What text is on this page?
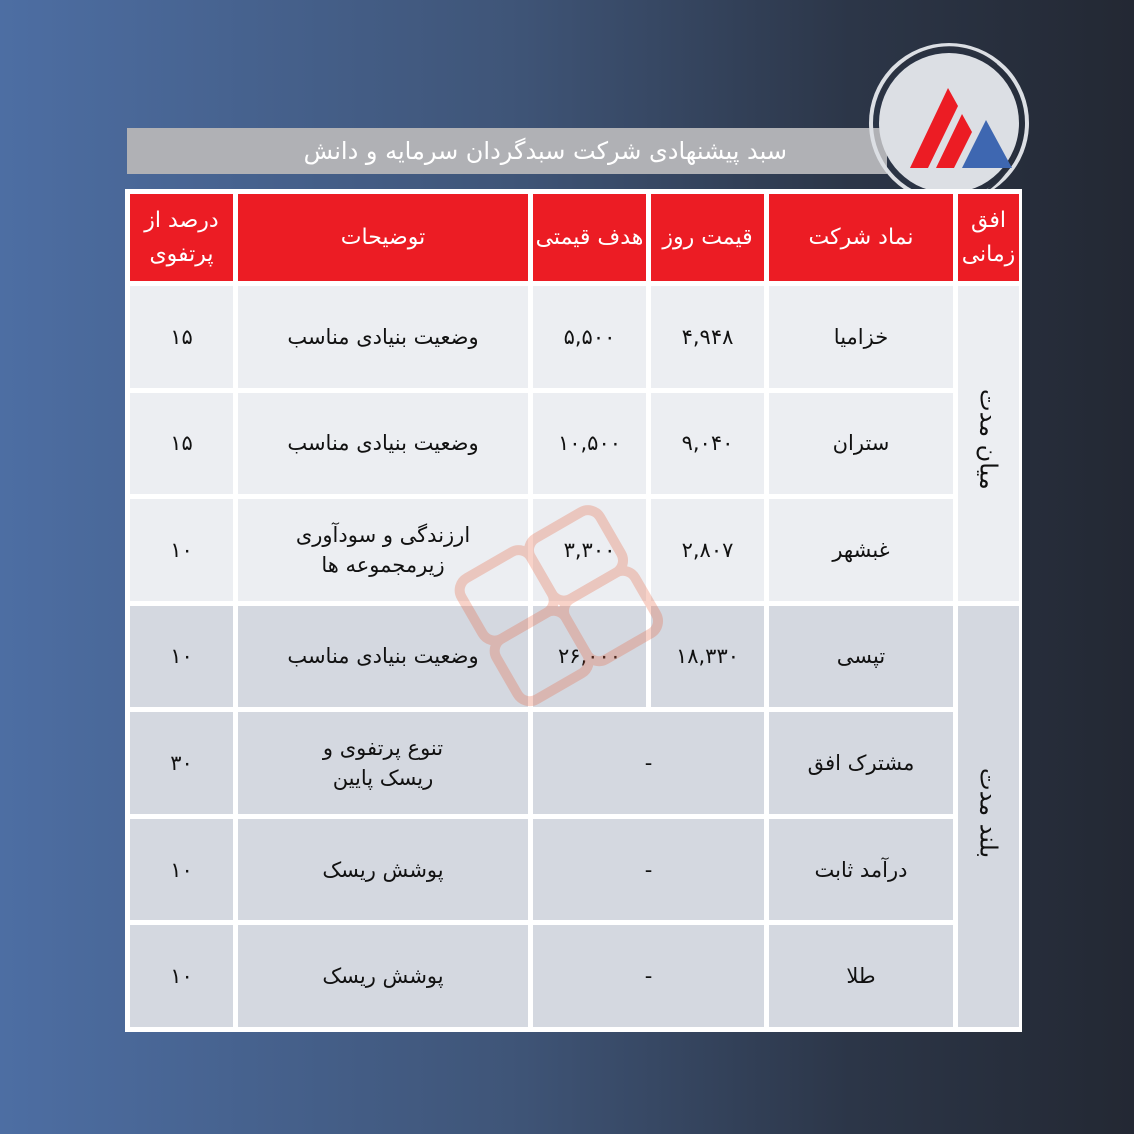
سبد پیشنهادی شرکت سبدگردان سرمایه و دانش
افق زمانی	نماد شرکت	قیمت روز	هدف قیمتی	توضیحات	درصد از پرتفوی
میان مدت	خزامیا	۴,۹۴۸	۵,۵۰۰	وضعیت بنیادی مناسب	۱۵
	ستران	۹,۰۴۰	۱۰,۵۰۰	وضعیت بنیادی مناسب	۱۵
	غبشهر	۲,۸۰۷	۳,۳۰۰	ارزندگی و سودآوری زیرمجموعه ها	۱۰
بلند مدت	تپسی	۱۸,۳۳۰	۲۶,۰۰۰	وضعیت بنیادی مناسب	۱۰
	مشترک افق	-		تنوع پرتفوی و ریسک پایین	۳۰
	درآمد ثابت	-		پوشش ریسک	۱۰
	طلا	-		پوشش ریسک	۱۰
